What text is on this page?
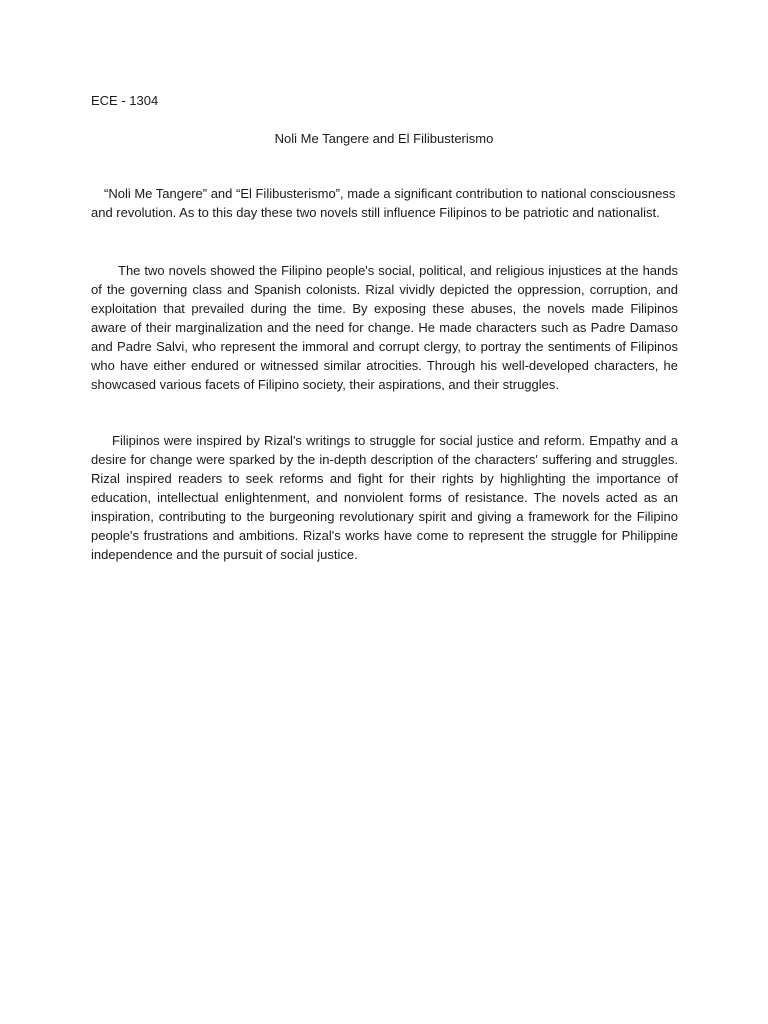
ECE - 1304
Noli Me Tangere and El Filibusterismo

“Noli Me Tangere” and “El Filibusterismo”, made a significant contribution to national consciousness and revolution. As to this day these two novels still influence Filipinos to be patriotic and nationalist.

The two novels showed the Filipino people's social, political, and religious injustices at the hands of the governing class and Spanish colonists. Rizal vividly depicted the oppression, corruption, and exploitation that prevailed during the time. By exposing these abuses, the novels made Filipinos aware of their marginalization and the need for change. He made characters such as Padre Damaso and Padre Salvi, who represent the immoral and corrupt clergy, to portray the sentiments of Filipinos who have either endured or witnessed similar atrocities. Through his well-developed characters, he showcased various facets of Filipino society, their aspirations, and their struggles.

Filipinos were inspired by Rizal's writings to struggle for social justice and reform. Empathy and a desire for change were sparked by the in-depth description of the characters' suffering and struggles. Rizal inspired readers to seek reforms and fight for their rights by highlighting the importance of education, intellectual enlightenment, and nonviolent forms of resistance. The novels acted as an inspiration, contributing to the burgeoning revolutionary spirit and giving a framework for the Filipino people's frustrations and ambitions. Rizal's works have come to represent the struggle for Philippine independence and the pursuit of social justice.
